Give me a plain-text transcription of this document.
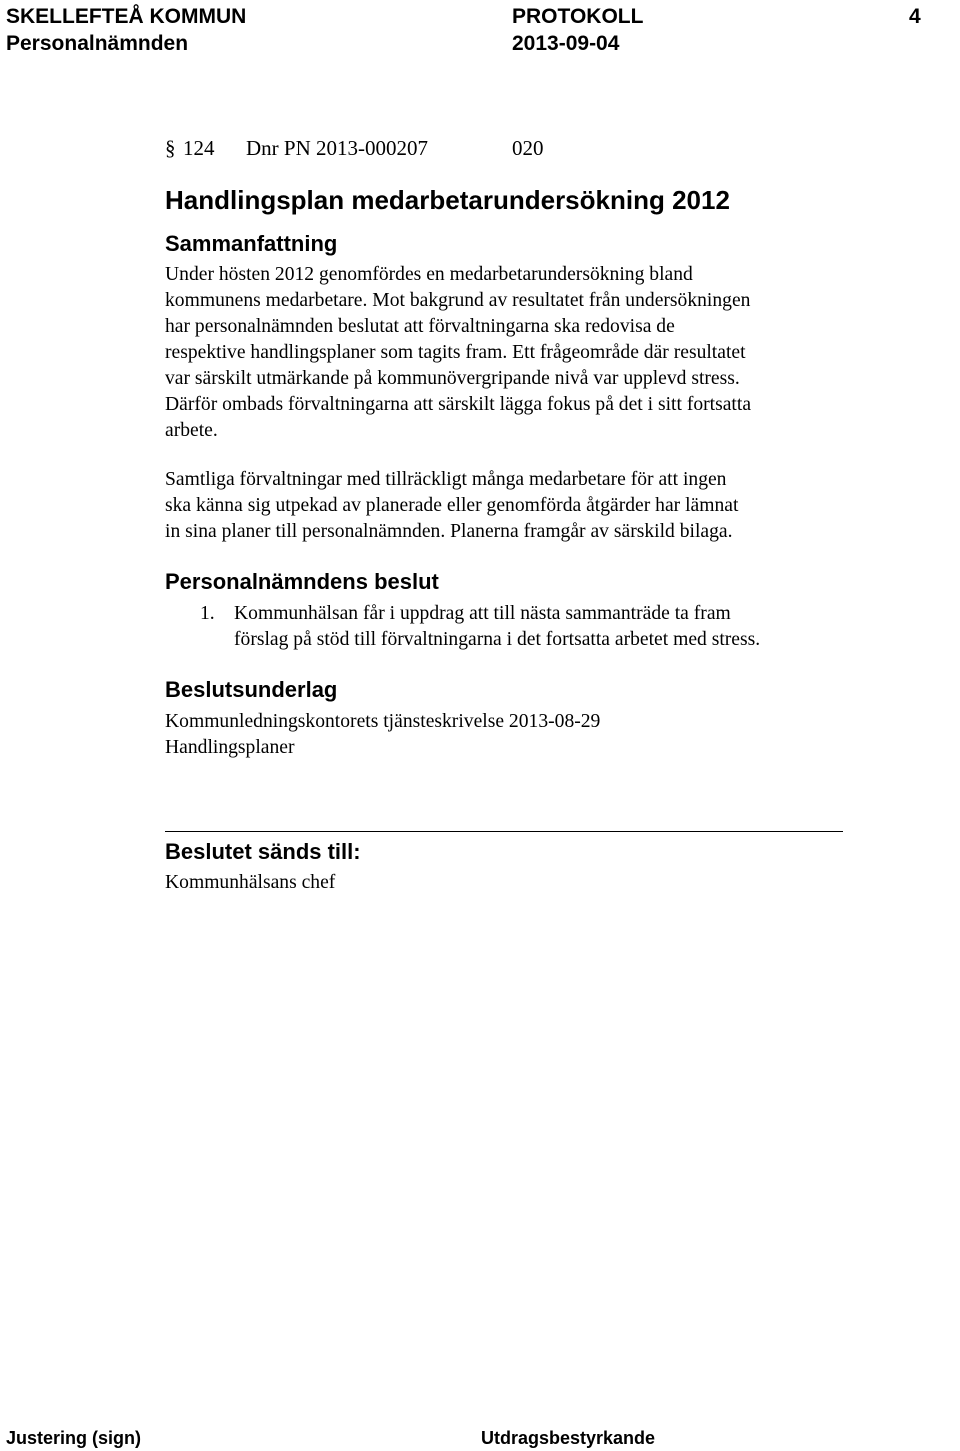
SKELLEFTEÅ KOMMUN	PROTOKOLL	4
Personalnämnden	2013-09-04
§ 124 Dnr PN 2013-000207	020
Handlingsplan medarbetarundersökning 2012
Sammanfattning

Under hösten 2012 genomfördes en medarbetarundersökning bland

kommunens medarbetare. Mot bakgrund av resultatet från undersökningen

har personalnämnden beslutat att förvaltningarna ska redovisa de

respektive handlingsplaner som tagits fram. Ett frågeområde där resultatet

var särskilt utmärkande på kommunövergripande nivå var upplevd stress.

Därför ombads förvaltningarna att särskilt lägga fokus på det i sitt fortsatta

arbete.

Samtliga förvaltningar med tillräckligt många medarbetare för att ingen

ska känna sig utpekad av planerade eller genomförda åtgärder har lämnat

in sina planer till personalnämnden. Planerna framgår av särskild bilaga.

Personalnämndens beslut
1. Kommunhälsan får i uppdrag att till nästa sammanträde ta fram

förslag på stöd till förvaltningarna i det fortsatta arbetet med stress.

Beslutsunderlag

Kommunledningskontorets tjänsteskrivelse 2013-08-29

Handlingsplaner

Beslutet sänds till:

Kommunhälsans chef

Justering (sign)	Utdragsbestyrkande
